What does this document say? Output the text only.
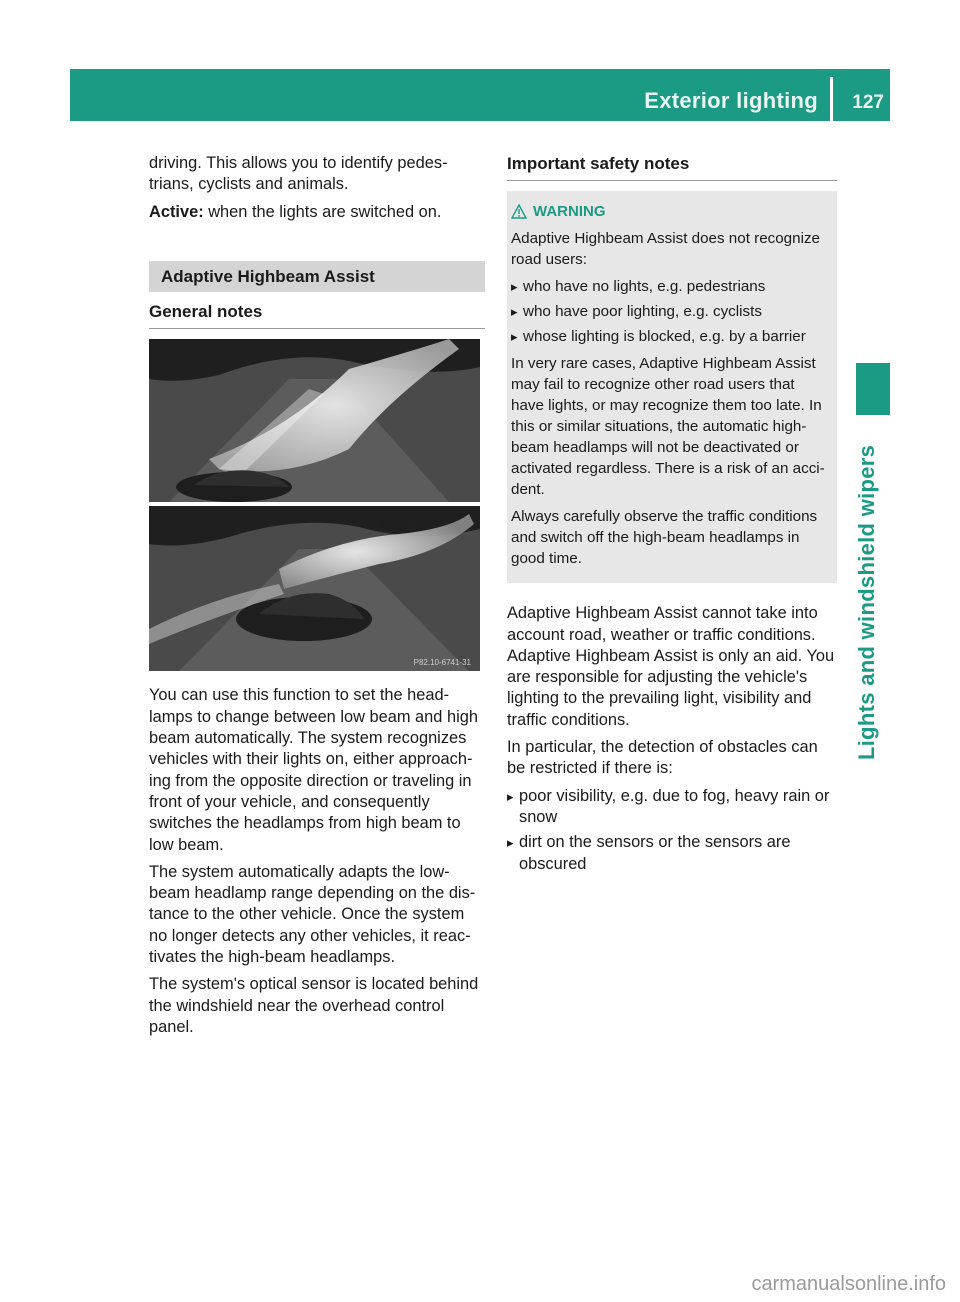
Exterior lighting 127
Lights and windshield wipers

driving. This allows you to identify pedes-trians, cyclists and animals.

Active: when the lights are switched on.

Adaptive Highbeam Assist
General notes
P82.10-6741-31

You can use this function to set the head-lamps to change between low beam and high beam automatically. The system recognizes vehicles with their lights on, either approach-ing from the opposite direction or traveling in front of your vehicle, and consequently switches the headlamps from high beam to low beam.

The system automatically adapts the low-beam headlamp range depending on the dis-tance to the other vehicle. Once the system no longer detects any other vehicles, it reac-tivates the high-beam headlamps.

The system's optical sensor is located behind the windshield near the overhead control panel.

Important safety notes
WARNING

Adaptive Highbeam Assist does not recognize road users:

▸ who have no lights, e.g. pedestrians
▸ who have poor lighting, e.g. cyclists
▸ whose lighting is blocked, e.g. by a barrier

In very rare cases, Adaptive Highbeam Assist may fail to recognize other road users that have lights, or may recognize them too late. In this or similar situations, the automatic high-beam headlamps will not be deactivated or activated regardless. There is a risk of an acci-dent.

Always carefully observe the traffic conditions and switch off the high-beam headlamps in good time.

Adaptive Highbeam Assist cannot take into account road, weather or traffic conditions. Adaptive Highbeam Assist is only an aid. You are responsible for adjusting the vehicle's lighting to the prevailing light, visibility and traffic conditions.

In particular, the detection of obstacles can be restricted if there is:

▸ poor visibility, e.g. due to fog, heavy rain or snow
▸ dirt on the sensors or the sensors are obscured
carmanualsonline.info
